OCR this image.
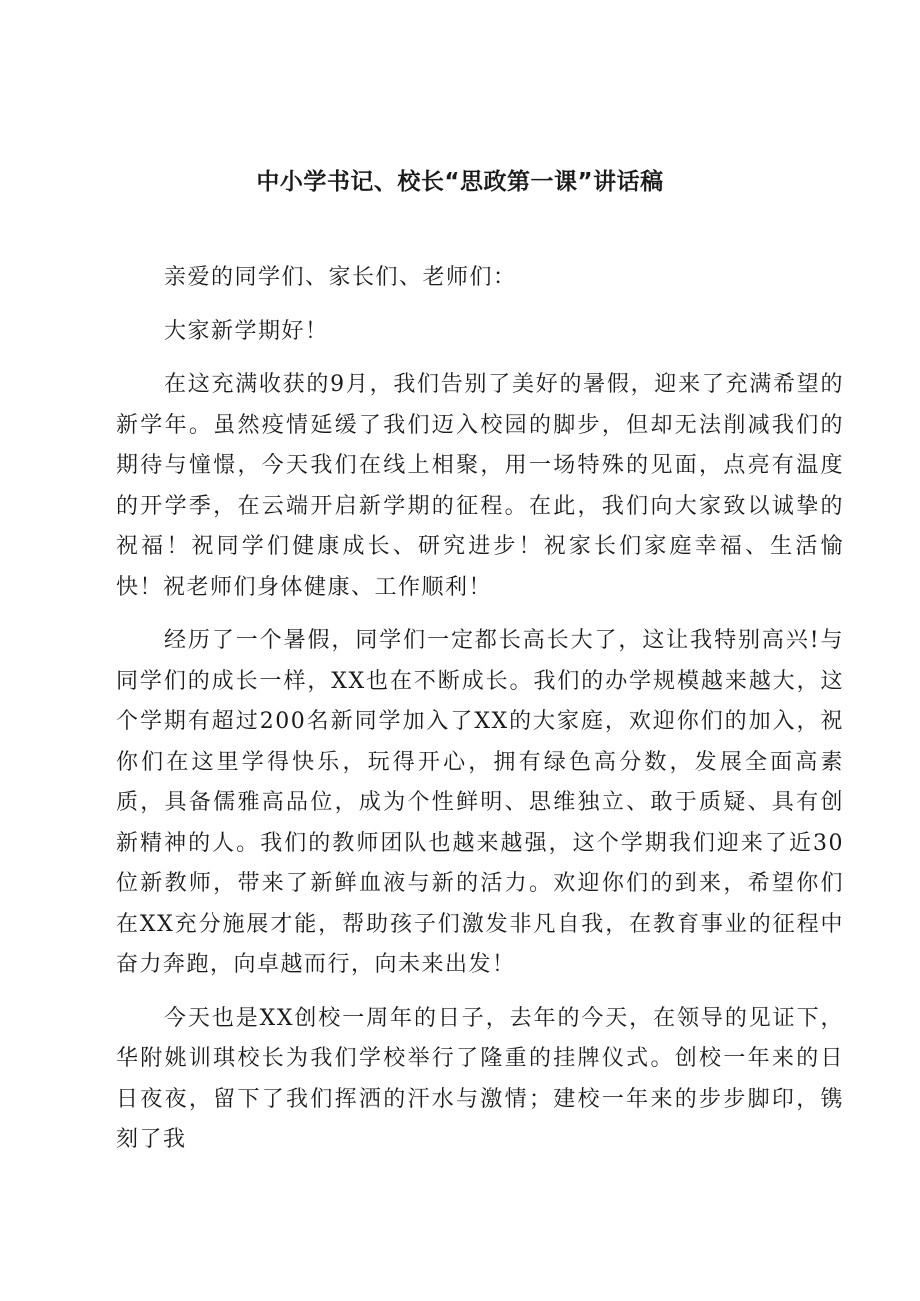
中小学书记、校长“思政第一课”讲话稿

亲爱的同学们、家长们、老师们：

大家新学期好！

在这充满收获的9月，我们告别了美好的暑假，迎来了充满希望的新学年。虽然疫情延缓了我们迈入校园的脚步，但却无法削减我们的期待与憧憬，今天我们在线上相聚，用一场特殊的见面，点亮有温度的开学季，在云端开启新学期的征程。在此，我们向大家致以诚挚的祝福！祝同学们健康成长、研究进步！祝家长们家庭幸福、生活愉快！祝老师们身体健康、工作顺利！

经历了一个暑假，同学们一定都长高长大了，这让我特别高兴!与同学们的成长一样，XX也在不断成长。我们的办学规模越来越大，这个学期有超过200名新同学加入了XX的大家庭，欢迎你们的加入，祝你们在这里学得快乐，玩得开心，拥有绿色高分数，发展全面高素质，具备儒雅高品位，成为个性鲜明、思维独立、敢于质疑、具有创新精神的人。我们的教师团队也越来越强，这个学期我们迎来了近30位新教师，带来了新鲜血液与新的活力。欢迎你们的到来，希望你们在XX充分施展才能，帮助孩子们激发非凡自我，在教育事业的征程中奋力奔跑，向卓越而行，向未来出发！

今天也是XX创校一周年的日子，去年的今天，在领导的见证下，华附姚训琪校长为我们学校举行了隆重的挂牌仪式。创校一年来的日日夜夜，留下了我们挥洒的汗水与激情；建校一年来的步步脚印，镌刻了我
